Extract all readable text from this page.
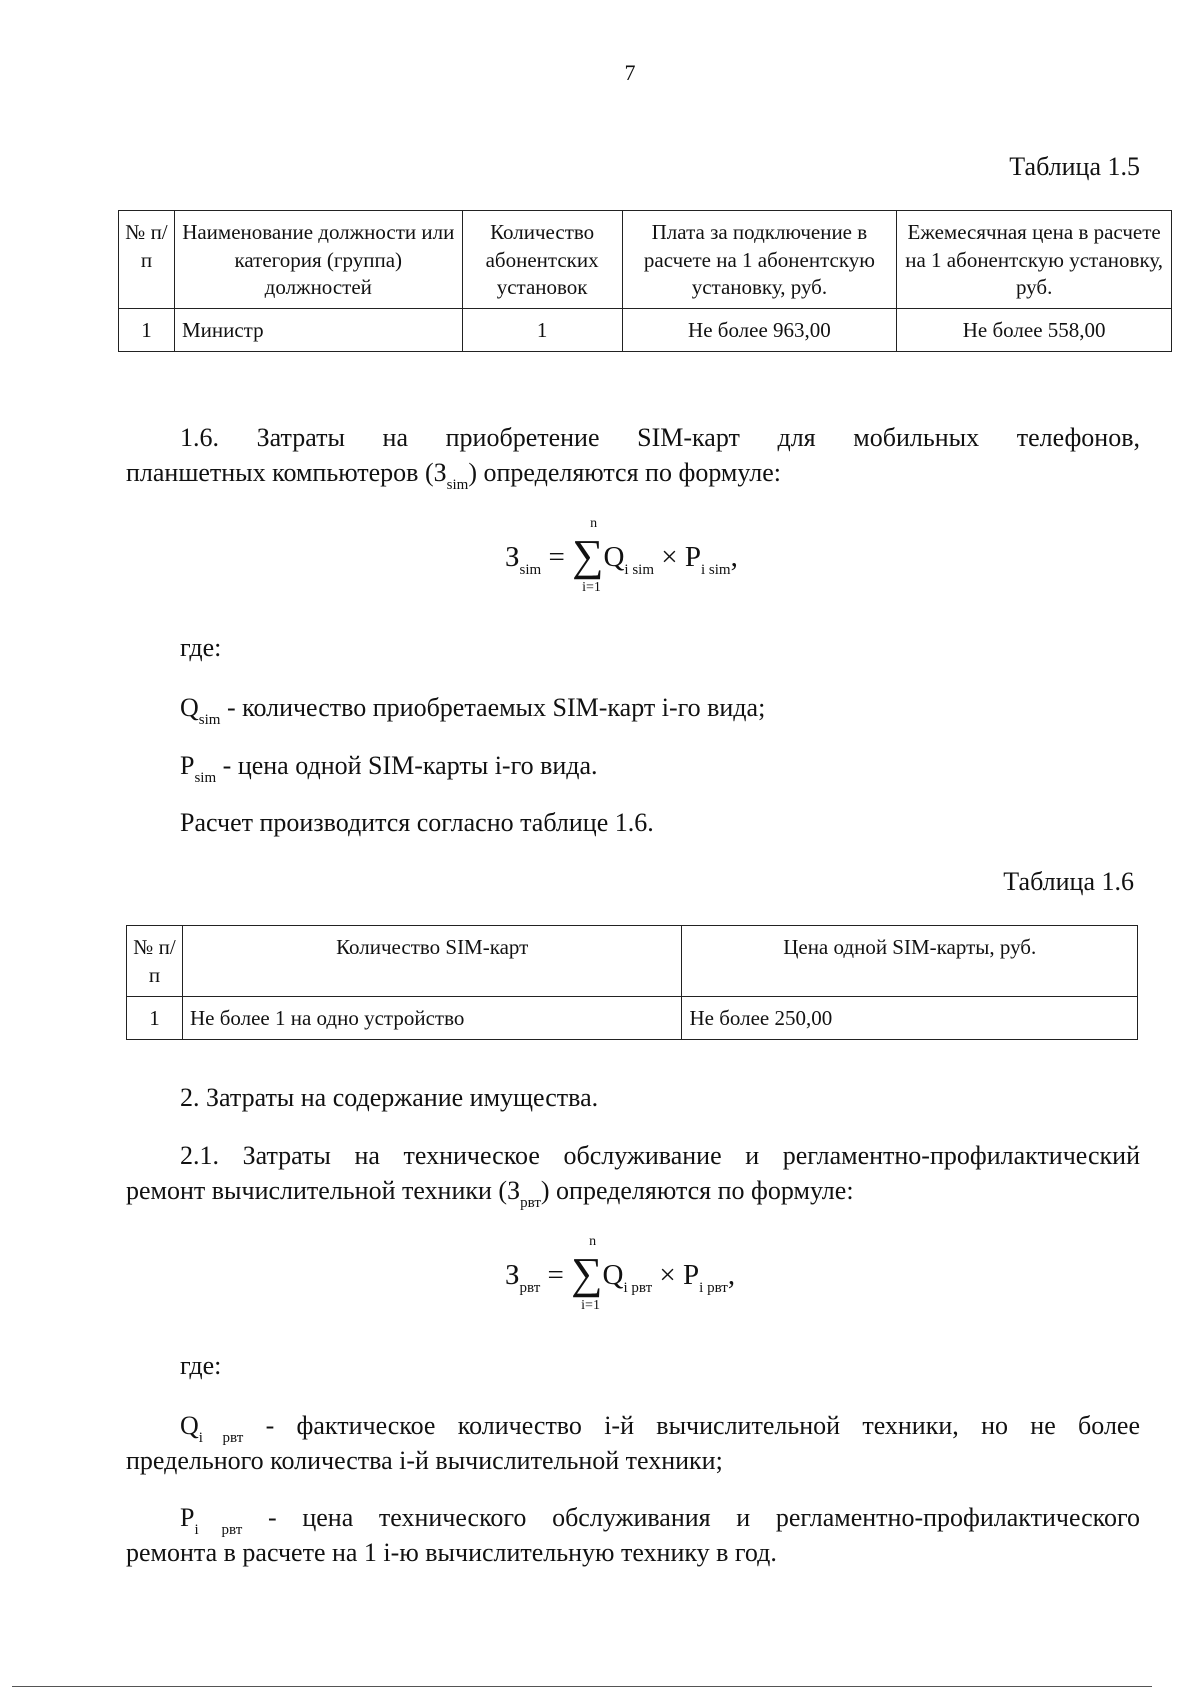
7
Таблица 1.5
№ п/п	Наименование должности или категория (группа) должностей	Количество абонентских установок	Плата за подключение в расчете на 1 абонентскую установку, руб.	Ежемесячная цена в расчете на 1 абонентскую установку, руб.
1	Министр	1	Не более 963,00	Не более 558,00
1.6. Затраты на приобретение SIM-карт для мобильных телефонов,
планшетных компьютеров $(З_{sim})$ определяются по формуле:
$З_{sim}$ =
n
∑
i=1
$Q_{i sim} \times P_{i sim}$,
где:
$Q_{sim}$ - количество приобретаемых SIM-карт i-го вида;
$P_{sim}$ - цена одной SIM-карты i-го вида.
Расчет производится согласно таблице 1.6.
Таблица 1.6
№ п/п	Количество SIM-карт	Цена одной SIM-карты, руб.
1	Не более 1 на одно устройство	Не более 250,00
2. Затраты на содержание имущества.
2.1. Затраты на техническое обслуживание и регламентно-профилактический
ремонт вычислительной техники $(З_{рвт})$ определяются по формуле:
$З_{рвт}$ =
n
∑
i=1
$Q_{i рвт} \times P_{i рвт}$,
где:
$Q_{i рвт}$ - фактическое количество i-й вычислительной техники, но не более
предельного количества i-й вычислительной техники;
$P_{i рвт}$ - цена технического обслуживания и регламентно-профилактического
ремонта в расчете на 1 i-ю вычислительную технику в год.
